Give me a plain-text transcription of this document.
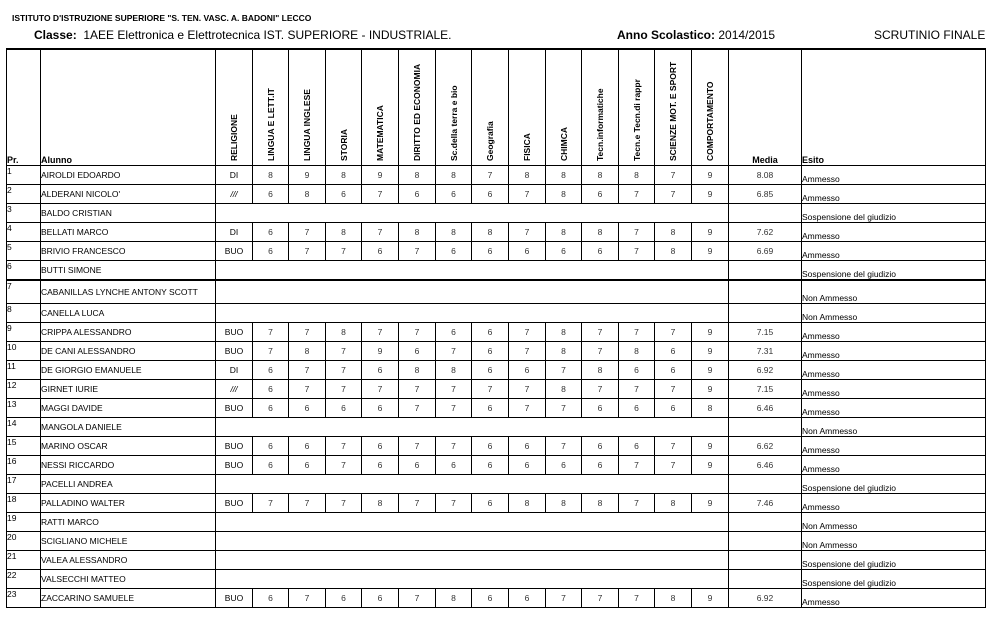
ISTITUTO D'ISTRUZIONE SUPERIORE "S. TEN. VASC. A. BADONI" LECCO
Classe: 1AEE Elettronica e Elettrotecnica IST. SUPERIORE - INDUSTRIALE.	Anno Scolastico: 2014/2015	SCRUTINIO FINALE
Pr.	Alunno	RELIGIONE	LINGUA E LETT.IT	LINGUA INGLESE	STORIA	MATEMATICA	DIRITTO ED ECONOMIA	Sc.della terra e bio	Geografia	FISICA	CHIMCA	Tecn.informatiche	Tecn.e Tecn.di rappr	SCIENZE MOT. E SPORT	COMPORTAMENTO	Media	Esito
1	AIROLDI EDOARDO	DI	8	9	8	9	8	8	7	8	8	8	8	7	9	8.08	Ammesso
2	ALDERANI NICOLO'	///	6	8	6	7	6	6	6	7	8	6	7	7	9	6.85	Ammesso
3	BALDO CRISTIAN																Sospensione del giudizio
4	BELLATI MARCO	DI	6	7	8	7	8	8	8	7	8	8	7	8	9	7.62	Ammesso
5	BRIVIO FRANCESCO	BUO	6	7	7	6	7	6	6	6	6	6	7	8	9	6.69	Ammesso
6	BUTTI SIMONE																Sospensione del giudizio
7	CABANILLAS LYNCHE ANTONY SCOTT																Non Ammesso
8	CANELLA LUCA																Non Ammesso
9	CRIPPA ALESSANDRO	BUO	7	7	8	7	7	6	6	7	8	7	7	7	9	7.15	Ammesso
10	DE CANI ALESSANDRO	BUO	7	8	7	9	6	7	6	7	8	7	8	6	9	7.31	Ammesso
11	DE GIORGIO EMANUELE	DI	6	7	7	6	8	8	6	6	7	8	6	6	9	6.92	Ammesso
12	GIRNET IURIE	///	6	7	7	7	7	7	7	7	8	7	7	7	9	7.15	Ammesso
13	MAGGI DAVIDE	BUO	6	6	6	6	7	7	6	7	7	6	6	6	8	6.46	Ammesso
14	MANGOLA DANIELE																Non Ammesso
15	MARINO OSCAR	BUO	6	6	7	6	7	7	6	6	7	6	6	7	9	6.62	Ammesso
16	NESSI RICCARDO	BUO	6	6	7	6	6	6	6	6	6	6	7	7	9	6.46	Ammesso
17	PACELLI ANDREA																Sospensione del giudizio
18	PALLADINO WALTER	BUO	7	7	7	8	7	7	6	8	8	8	7	8	9	7.46	Ammesso
19	RATTI MARCO																Non Ammesso
20	SCIGLIANO MICHELE																Non Ammesso
21	VALEA ALESSANDRO																Sospensione del giudizio
22	VALSECCHI MATTEO																Sospensione del giudizio
23	ZACCARINO SAMUELE	BUO	6	7	6	6	7	8	6	6	7	7	7	8	9	6.92	Ammesso
